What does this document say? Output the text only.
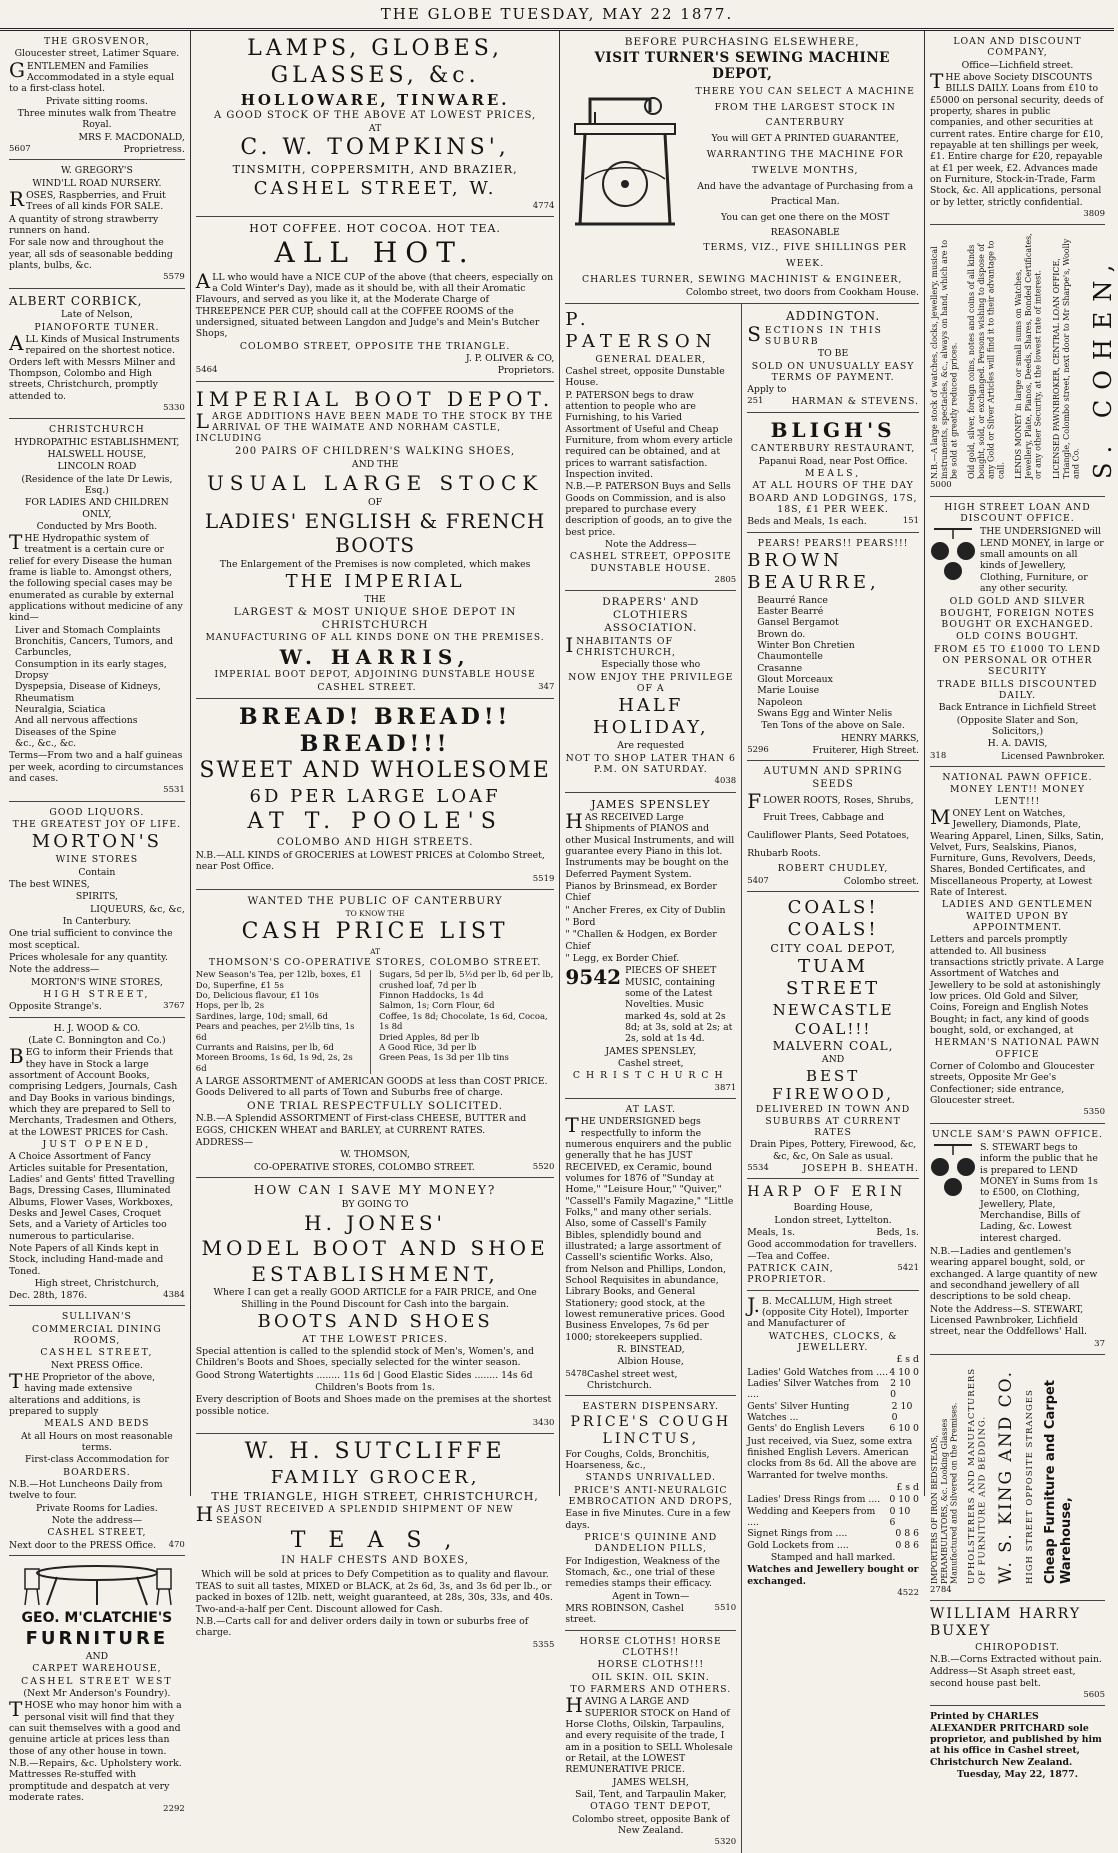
THE GLOBE TUESDAY, MAY 22 1877.

THE GROSVENOR,

Gloucester street, Latimer Square.

GENTLEMEN and Families Accommodated in a style equal to a first-class hotel.

Private sitting rooms.

Three minutes walk from Theatre Royal.

MRS F. MACDONALD,

5607	Proprietress.

W. GREGORY'S

WIND'LL ROAD NURSERY.

ROSES, Raspberries, and Fruit Trees of all kinds FOR SALE.

A quantity of strong strawberry runners on hand.

For sale now and throughout the year, all sds of seasonable bedding plants, bulbs, &c.

5579

ALBERT CORBICK,

Late of Nelson,

PIANOFORTE TUNER.

ALL Kinds of Musical Instruments repaired on the shortest notice. Orders left with Messrs Milner and Thompson, Colombo and High streets, Christchurch, promptly attended to.

5330

CHRISTCHURCH

HYDROPATHIC ESTABLISHMENT,

HALSWELL HOUSE,

LINCOLN ROAD

(Residence of the late Dr Lewis, Esq.)

FOR LADIES AND CHILDREN ONLY,

Conducted by Mrs Booth.

THE Hydropathic system of treatment is a certain cure or relief for every Disease the human frame is liable to. Amongst others, the following special cases may be enumerated as curable by external applications without medicine of any kind—

Liver and Stomach Complaints
Bronchitis, Cancers, Tumors, and Carbuncles,
Consumption in its early stages, Dropsy
Dyspepsia, Disease of Kidneys, Rheumatism
Neuralgia, Sciatica
And all nervous affections
Diseases of the Spine
&c., &c., &c.

Terms—From two and a half guineas per week, acording to circumstances and cases.

5531

GOOD LIQUORS.

THE GREATEST JOY OF LIFE.

MORTON'S

WINE STORES

Contain

The best WINES,

SPIRITS,

LIQUEURS, &c, &c,

In Canterbury.

One trial sufficient to convince the most sceptical.

Prices wholesale for any quantity.

Note the address—

MORTON'S WINE STORES,

HIGH STREET,

Opposite Strange's.	3767

H. J. WOOD & CO.

(Late C. Bonnington and Co.)

BEG to inform their Friends that they have in Stock a large assortment of Account Books, comprising Ledgers, Journals, Cash and Day Books in various bindings, which they are prepared to Sell to Merchants, Tradesmen and Others, at the LOWEST PRICES for Cash.

JUST OPENED,

A Choice Assortment of Fancy Articles suitable for Presentation, Ladies' and Gents' fitted Travelling Bags, Dressing Cases, Illuminated Albums, Flower Vases, Workboxes, Desks and Jewel Cases, Croquet Sets, and a Variety of Articles too numerous to particularise.

Note Papers of all Kinds kept in Stock, including Hand-made and Toned.

High street, Christchurch,

Dec. 28th, 1876.	4384

SULLIVAN'S

COMMERCIAL DINING ROOMS,

CASHEL STREET,

Next PRESS Office.

THE Proprietor of the above, having made extensive alterations and additions, is prepared to supply

MEALS AND BEDS

At all Hours on most reasonable terms.

First-class Accommodation for

BOARDERS.

N.B.—Hot Luncheons Daily from twelve to four.

Private Rooms for Ladies.

Note the address—

CASHEL STREET,

Next door to the PRESS Office. 470

GEO. M'CLATCHIE'S

FURNITURE

AND

CARPET WAREHOUSE,

CASHEL STREET WEST

(Next Mr Anderson's Foundry).

THOSE who may honor him with a personal visit will find that they can suit themselves with a good and genuine article at prices less than those of any other house in town.

N.B.—Repairs, &c. Upholstery work. Mattresses Re-stuffed with promptitude and despatch at very moderate rates.

2292

LAMPS, GLOBES, GLASSES, &c.

HOLLOWARE, TINWARE.

A GOOD STOCK OF THE ABOVE AT LOWEST PRICES,

AT

C. W. TOMPKINS',

TINSMITH, COPPERSMITH, AND BRAZIER,

CASHEL STREET, W.

4774

HOT COFFEE. HOT COCOA. HOT TEA.

ALL HOT.

ALL who would have a NICE CUP of the above (that cheers, especially on a Cold Winter's Day), made as it should be, with all their Aromatic Flavours, and served as you like it, at the Moderate Charge of THREEPENCE PER CUP, should call at the COFFEE ROOMS of the undersigned, situated between Langdon and Judge's and Mein's Butcher Shops,

COLOMBO STREET, OPPOSITE THE TRIANGLE.

J. P. OLIVER & CO,

5464	Proprietors.

IMPERIAL BOOT DEPOT.

LARGE ADDITIONS HAVE BEEN MADE TO THE STOCK BY THE ARRIVAL OF THE WAIMATE AND NORHAM CASTLE, INCLUDING

200 PAIRS OF CHILDREN'S WALKING SHOES,

AND THE

USUAL LARGE STOCK

OF

LADIES' ENGLISH & FRENCH BOOTS

The Enlargement of the Premises is now completed, which makes

THE IMPERIAL

THE

LARGEST & MOST UNIQUE SHOE DEPOT IN CHRISTCHURCH

MANUFACTURING OF ALL KINDS DONE ON THE PREMISES.

W. HARRIS,

IMPERIAL BOOT DEPOT, ADJOINING DUNSTABLE HOUSE

CASHEL STREET.	347

BREAD! BREAD!! BREAD!!!

SWEET AND WHOLESOME

6D PER LARGE LOAF

AT T. POOLE'S

COLOMBO AND HIGH STREETS.

N.B.—ALL KINDS of GROCERIES at LOWEST PRICES at Colombo Street, near Post Office.

5519

WANTED THE PUBLIC OF CANTERBURY

TO KNOW THE

CASH PRICE LIST

AT

THOMSON'S CO-OPERATIVE STORES, COLOMBO STREET.

New Season's Tea, per 12lb, boxes, £1
Do, Superfine, £1 5s
Do, Delicious flavour, £1 10s
Hops, per lb, 2s
Sardines, large, 10d; small, 6d
Pears and peaches, per 2½lb tins, 1s 6d
Currants and Raisins, per lb, 6d
Moreen Brooms, 1s 6d, 1s 9d, 2s, 2s 6d

Sugars, 5d per lb, 5½d per lb, 6d per lb, crushed loaf, 7d per lb
Finnon Haddocks, 1s 4d
Salmon, 1s; Corn Flour, 6d
Coffee, 1s 8d; Chocolate, 1s 6d, Cocoa, 1s 8d
Dried Apples, 8d per lb
A Good Rice, 3d per lb
Green Peas, 1s 3d per 1lb tins

A LARGE ASSORTMENT of AMERICAN GOODS at less than COST PRICE. Goods Delivered to all parts of Town and Suburbs free of charge.

ONE TRIAL RESPECTFULLY SOLICITED.

N.B.—A Splendid ASSORTMENT of First-class CHEESE, BUTTER and EGGS, CHICKEN WHEAT and BARLEY, at CURRENT RATES.

ADDRESS—

W. THOMSON,

CO-OPERATIVE STORES, COLOMBO STREET.	5520

HOW CAN I SAVE MY MONEY?

BY GOING TO

H. JONES'

MODEL BOOT AND SHOE

ESTABLISHMENT,

Where I can get a really GOOD ARTICLE for a FAIR PRICE, and One Shilling in the Pound Discount for Cash into the bargain.

BOOTS AND SHOES

AT THE LOWEST PRICES.

Special attention is called to the splendid stock of Men's, Women's, and Children's Boots and Shoes, specially selected for the winter season.

Good Strong Watertights ........ 11s 6d | Good Elastic Sides ........ 14s 6d

Children's Boots from 1s.

Every description of Boots and Shoes made on the premises at the shortest possible notice.

3430

W. H. SUTCLIFFE

FAMILY GROCER,

THE TRIANGLE, HIGH STREET, CHRISTCHURCH,

HAS JUST RECEIVED A SPLENDID SHIPMENT OF NEW SEASON

T E A S ,

IN HALF CHESTS AND BOXES,

Which will be sold at prices to Defy Competition as to quality and flavour.

TEAS to suit all tastes, MIXED or BLACK, at 2s 6d, 3s, and 3s 6d per lb., or packed in boxes of 12lb. nett, weight guaranteed, at 28s, 30s, 33s, and 40s. Two-and-a-half per Cent. Discount allowed for Cash.

N.B.—Carts call for and deliver orders daily in town or suburbs free of charge.

5355

BEFORE PURCHASING ELSEWHERE,

VISIT TURNER'S SEWING MACHINE DEPOT,

THERE YOU CAN SELECT A MACHINE

FROM THE LARGEST STOCK IN

CANTERBURY

You will GET A PRINTED GUARANTEE,

WARRANTING THE MACHINE FOR

TWELVE MONTHS,

And have the advantage of Purchasing from a Practical Man.

You can get one there on the MOST REASONABLE

TERMS, VIZ., FIVE SHILLINGS PER

WEEK.

CHARLES TURNER, SEWING MACHINIST & ENGINEER,

Colombo street, two doors from Cookham House.

P. PATERSON

GENERAL DEALER,

Cashel street, opposite Dunstable House.

P. PATERSON begs to draw attention to people who are Furnishing, to his Varied Assortment of Useful and Cheap Furniture, from whom every article required can be obtained, and at prices to warrant satisfaction. Inspection invited.

N.B.—P. PATERSON Buys and Sells Goods on Commission, and is also prepared to purchase every description of goods, an to give the best price.

Note the Address—

CASHEL STREET, OPPOSITE DUNSTABLE HOUSE.

2805

DRAPERS' AND CLOTHIERS ASSOCIATION.

INHABITANTS OF CHRISTCHURCH,

Especially those who

NOW ENJOY THE PRIVILEGE OF A

HALF HOLIDAY,

Are requested

NOT TO SHOP LATER THAN 6 P.M. ON SATURDAY.

4038

JAMES SPENSLEY

HAS RECEIVED Large Shipments of PIANOS and other Musical Instruments, and will guarantee every Piano in this lot. Instruments may be bought on the Deferred Payment System.

Pianos by Brinsmead, ex Border Chief

" Ancher Freres, ex City of Dublin

" Bord

" "Challen & Hodgen, ex Border Chief

" Legg, ex Border Chief.

9542 PIECES OF SHEET MUSIC, containing some of the Latest Novelties. Music marked 4s, sold at 2s 8d; at 3s, sold at 2s; at 2s, sold at 1s 4d.

JAMES SPENSLEY,

Cashel street,

CHRISTCHURCH

3871

AT LAST.

THE UNDERSIGNED begs respectfully to inform the numerous enquirers and the public generally that he has JUST RECEIVED, ex Ceramic, bound volumes for 1876 of "Sunday at Home," "Leisure Hour," "Quiver," "Cassell's Family Magazine," "Little Folks," and many other serials. Also, some of Cassell's Family Bibles, splendidly bound and illustrated; a large assortment of Cassell's scientific Works. Also, from Nelson and Phillips, London, School Requisites in abundance, Library Books, and General Stationery; good stock, at the lowest remunerative prices. Good Business Envelopes, 7s 6d per 1000; storekeepers supplied.

R. BINSTEAD,

Albion House,

5478 Cashel street west, Christchurch.

EASTERN DISPENSARY.

PRICE'S COUGH LINCTUS,

For Coughs, Colds, Bronchitis, Hoarseness, &c.,

STANDS UNRIVALLED.

PRICE'S ANTI-NEURALGIC EMBROCATION AND DROPS,

Ease in five Minutes. Cure in a few days.

PRICE'S QUININE AND DANDELION PILLS,

For Indigestion, Weakness of the Stomach, &c., one trial of these remedies stamps their efficacy.

Agent in Town—

MRS ROBINSON, Cashel street.
5510

HORSE CLOTHS! HORSE CLOTHS!!

HORSE CLOTHS!!!

OIL SKIN. OIL SKIN.

TO FARMERS AND OTHERS.

HAVING A LARGE AND SUPERIOR STOCK on Hand of Horse Cloths, Oilskin, Tarpaulins, and every requisite of the trade, I am in a position to SELL Wholesale or Retail, at the LOWEST REMUNERATIVE PRICE.

JAMES WELSH,

Sail, Tent, and Tarpaulin Maker,

OTAGO TENT DEPOT,

Colombo street, opposite Bank of New Zealand.

5320

ADDINGTON.

SECTIONS IN THIS SUBURB

TO BE

SOLD ON UNUSUALLY EASY TERMS OF PAYMENT.

Apply to

251	HARMAN & STEVENS.

BLIGH'S

CANTERBURY RESTAURANT,

Papanui Road, near Post Office.

MEALS,

AT ALL HOURS OF THE DAY

BOARD AND LODGINGS, 17S, 18S, £1 PER WEEK.

Beds and Meals, 1s each.	151

PEARS! PEARS!! PEARS!!!

BROWN BEAURRE,

Beaurré Rance
Easter Bearré
Gansel Bergamot
Brown do.
Winter Bon Chretien Chaumontelle
Crasanne
Glout Morceaux
Marie Louise
Napoleon
Swans Egg and Winter Nelis

Ten Tons of the above on Sale.

HENRY MARKS,

5296	Fruiterer, High Street.

AUTUMN AND SPRING SEEDS

FLOWER ROOTS, Roses, Shrubs, Fruit Trees, Cabbage and Cauliflower Plants, Seed Potatoes, Rhubarb Roots.

ROBERT CHUDLEY,

5407	Colombo street.

COALS! COALS!

CITY COAL DEPOT,

TUAM STREET

NEWCASTLE COAL!!!

MALVERN COAL,

AND

BEST FIREWOOD,

DELIVERED IN TOWN AND SUBURBS AT CURRENT RATES

Drain Pipes, Pottery, Firewood, &c, &c, &c, On Sale as usual.

5534	JOSEPH B. SHEATH.

HARP OF ERIN

Boarding House,

London street, Lyttelton.

Meals, 1s.	Beds, 1s.

Good accommodation for travellers.—Tea and Coffee.

PATRICK CAIN, PROPRIETOR.
5421

J.B. McCALLUM, High street (opposite City Hotel), Importer and Manufacturer of

WATCHES, CLOCKS, & JEWELLERY.

£ s d

Ladies' Gold Watches from .... 4 10 0
Ladies' Silver Watches from ....
2 10 0
Gents' Silver Hunting Watches ...
2 10 0
Gents' do English Levers	6 10 0

Just received, via Suez, some extra finished English Levers. American clocks from 8s 6d. All the above are Warranted for twelve months.

£ s d

Ladies' Dress Rings from .... 0 10 0
Wedding and Keepers from ....
0 10 6
Signet Rings from ....	0 8 6
Gold Lockets from ....	0 8 6

Stamped and hall marked.

Watches and Jewellery bought or exchanged.

4522

LOAN AND DISCOUNT COMPANY,

Office—Lichfield street.

THE above Society DISCOUNTS BILLS DAILY. Loans from £10 to £5000 on personal security, deeds of property, shares in public companies, and other securities at current rates. Entire charge for £10, repayable at ten shillings per week, £1. Entire charge for £20, repayable at £1 per week, £2. Advances made on Furniture, Stock-in-Trade, Farm Stock, &c. All applications, personal or by letter, strictly confidential.

3809

N.B.—A large stock of watches, clocks, jewellery, musical instruments, spectacles, &c., always on hand, which are to be sold at greatly reduced prices. Old gold, silver, foreign coins, notes and coins of all kinds bought, sold, or exchanged. Persons wishing to dispose of any Gold or Silver Articles will find it to their advantage to call. LENDS MONEY in large or small sums on Watches, Jewellery, Plate, Pianos, Deeds, Shares, Bonded Certificates, or any other Security, at the lowest rate of interest. LICENSED PAWNBROKER, CENTRAL LOAN OFFICE, Triangle, Colombo street, next door to Mr Sharpe's, Woolly and Co. S. COHEN,

5000

HIGH STREET LOAN AND DISCOUNT OFFICE.

THE UNDERSIGNED will LEND MONEY, in large or small amounts on all kinds of Jewellery, Clothing, Furniture, or any other security.

OLD GOLD AND SILVER BOUGHT, FOREIGN NOTES BOUGHT OR EXCHANGED.

OLD COINS BOUGHT.

FROM £5 TO £1000 TO LEND ON PERSONAL OR OTHER SECURITY

TRADE BILLS DISCOUNTED DAILY.

Back Entrance in Lichfield Street

(Opposite Slater and Son, Solicitors,)

H. A. DAVIS,

318	Licensed Pawnbroker.

NATIONAL PAWN OFFICE.

MONEY LENT!! MONEY LENT!!!

MONEY Lent on Watches, Jewellery, Diamonds, Plate, Wearing Apparel, Linen, Silks, Satin, Velvet, Furs, Sealskins, Pianos, Furniture, Guns, Revolvers, Deeds, Shares, Bonded Certificates, and Miscellaneous Property, at Lowest Rate of Interest.

LADIES AND GENTLEMEN WAITED UPON BY APPOINTMENT.

Letters and parcels promptly attended to. All business transactions strictly private. A Large Assortment of Watches and Jewellery to be sold at astonishingly low prices. Old Gold and Silver, Coins, Foreign and English Notes Bought; in fact, any kind of goods bought, sold, or exchanged, at

HERMAN'S NATIONAL PAWN OFFICE

Corner of Colombo and Gloucester streets, Opposite Mr Gee's Confectioner; side entrance, Gloucester street.

5350

UNCLE SAM'S PAWN OFFICE.

S. STEWART begs to inform the public that he is prepared to LEND MONEY in Sums from 1s to £500, on Clothing, Jewellery, Plate, Merchandise, Bills of Lading, &c. Lowest interest charged.

N.B.—Ladies and gentlemen's wearing apparel bought, sold, or exchanged. A large quantity of new and secondhand jewellery of all descriptions to be sold cheap.

Note the Address—S. STEWART, Licensed Pawnbroker, Lichfield street, near the Oddfellows' Hall.

37

IMPORTERS OF IRON BEDSTEADS, PERAMBULATORS, &c. Looking Glasses Manufactured and Silvered on the Premises. UPHOLSTERERS AND MANUFACTURERS OF FURNITURE AND BEDDING. W. S. KING AND CO. HIGH STREET OPPOSITE STRANGES Cheap Furniture and Carpet Warehouse,

2784

WILLIAM HARRY BUXEY

CHIROPODIST.

N.B.—Corns Extracted without pain.

Address—St Asaph street east, second house past belt.

5605

Printed by CHARLES ALEXANDER PRITCHARD sole proprietor, and published by him at his office in Cashel street, Christchurch New Zealand.

Tuesday, May 22, 1877.
